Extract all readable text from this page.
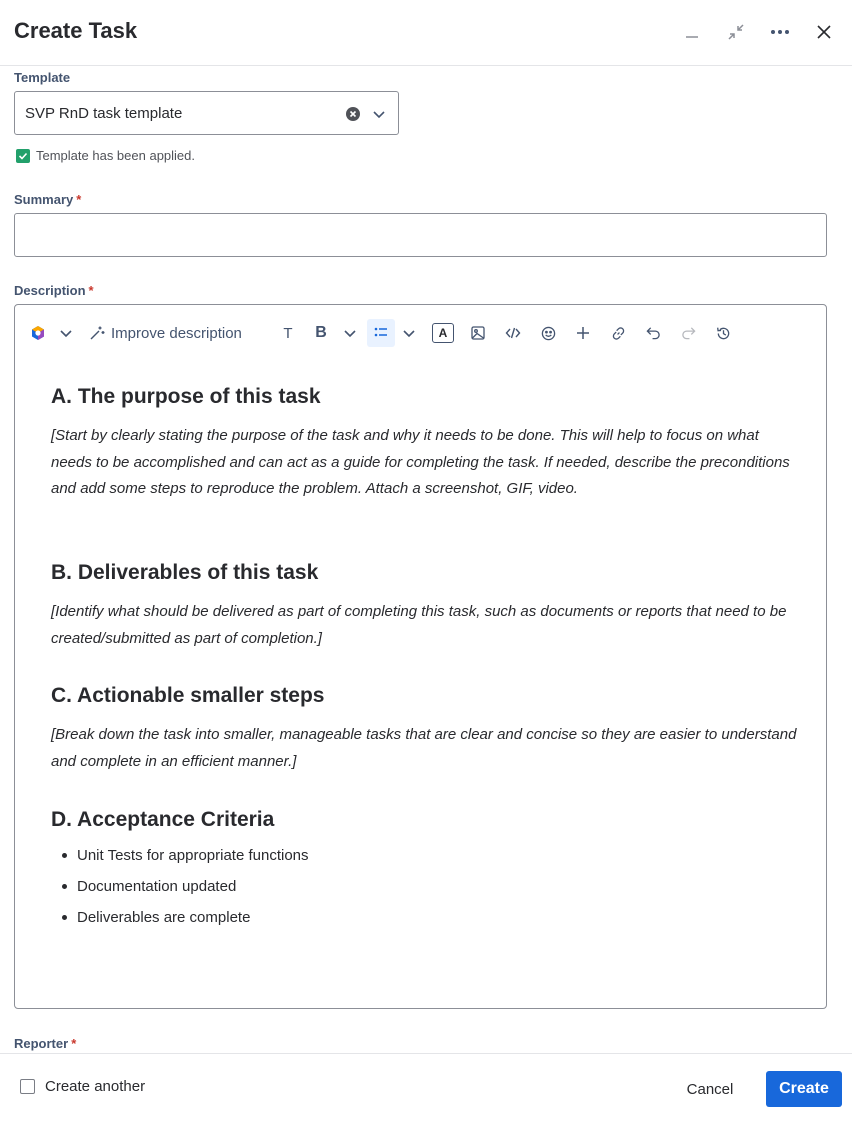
Create Task
Template
SVP RnD task template
Template has been applied.
Summary *
Description *
Improve description	T B	A
A. The purpose of this task
[Start by clearly stating the purpose of the task and why it needs to be done. This will help to focus on what needs to be accomplished and can act as a guide for completing the task. If needed, describe the preconditions and add some steps to reproduce the problem. Attach a screenshot, GIF, video.
B. Deliverables of this task
[Identify what should be delivered as part of completing this task, such as documents or reports that need to be created/submitted as part of completion.]
C. Actionable smaller steps
[Break down the task into smaller, manageable tasks that are clear and concise so they are easier to understand and complete in an efficient manner.]
D. Acceptance Criteria
Unit Tests for appropriate functions
Documentation updated
Deliverables are complete
Reporter *
Create another	Cancel	Create
